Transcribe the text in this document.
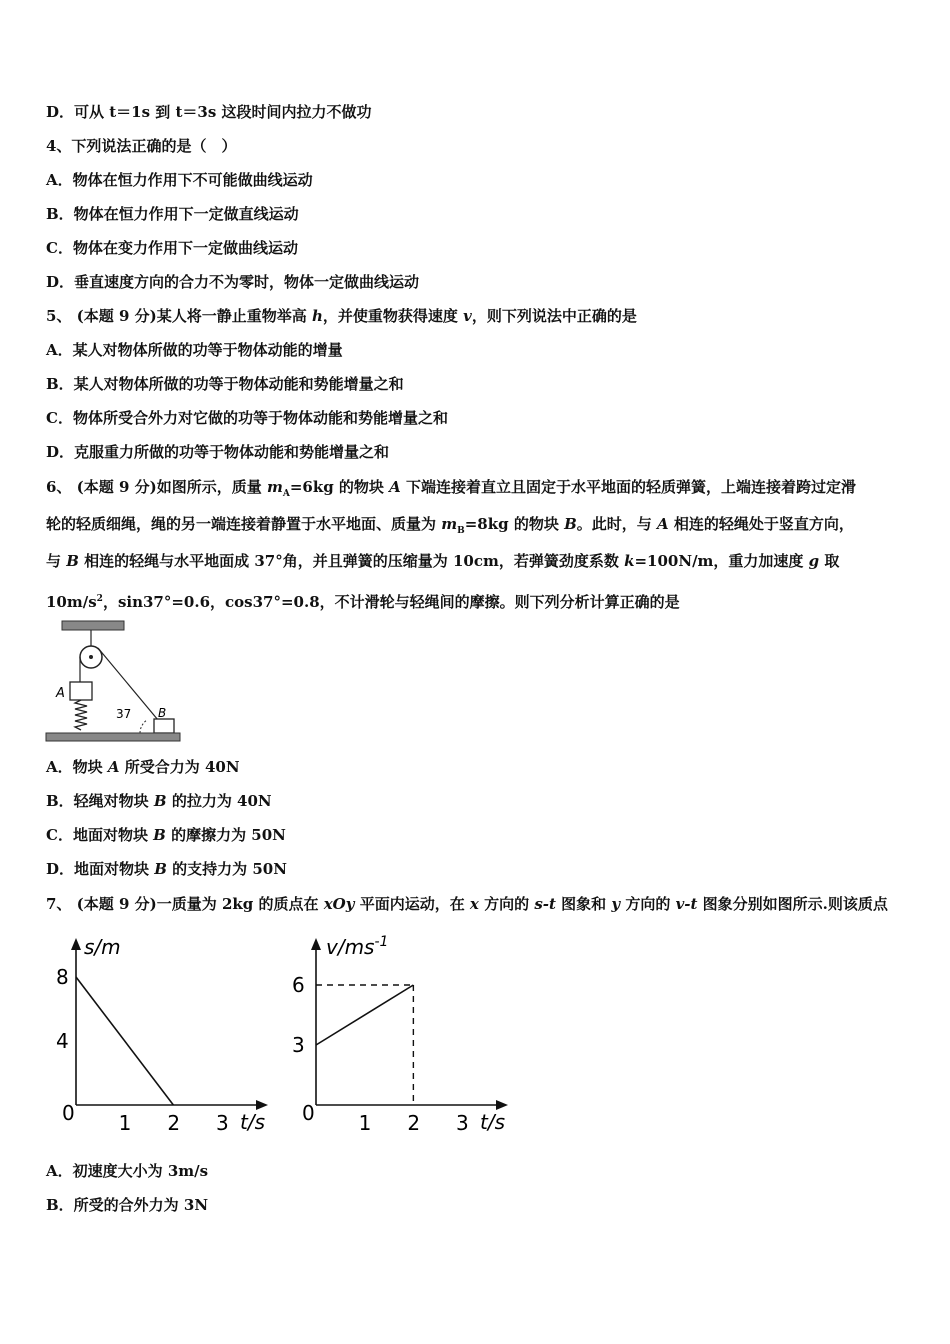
D．可从 t＝1s 到 t＝3s 这段时间内拉力不做功
4、下列说法正确的是（　）
A．物体在恒力作用下不可能做曲线运动
B．物体在恒力作用下一定做直线运动
C．物体在变力作用下一定做曲线运动
D．垂直速度方向的合力不为零时，物体一定做曲线运动
5、 (本题 9 分)某人将一静止重物举高 h，并使重物获得速度 v，则下列说法中正确的是
A．某人对物体所做的功等于物体动能的增量
B．某人对物体所做的功等于物体动能和势能增量之和
C．物体所受合外力对它做的功等于物体动能和势能增量之和
D．克服重力所做的功等于物体动能和势能增量之和
6、 (本题 9 分)如图所示，质量 $m_A=6kg$ 的物块 A 下端连接着直立且固定于水平地面的轻质弹簧，上端连接着跨过定滑
轮的轻质细绳，绳的另一端连接着静置于水平地面、质量为 $m_B=8kg$ 的物块 B。此时，与 A 相连的轻绳处于竖直方向，
与 B 相连的轻绳与水平地面成 37°角，并且弹簧的压缩量为 10cm，若弹簧劲度系数 k=100N/m，重力加速度 g 取
$10m/s^2$，sin37°=0.6，cos37°=0.8，不计滑轮与轻绳间的摩擦。则下列分析计算正确的是
A
B
37
A．物块 A 所受合力为 40N
B．轻绳对物块 B 的拉力为 40N
C．地面对物块 B 的摩擦力为 50N
D．地面对物块 B 的支持力为 50N
7、 (本题 9 分)一质量为 2kg 的质点在 xOy 平面内运动，在 x 方向的 s-t 图象和 y 方向的 v-t 图象分别如图所示.则该质点
s/m
t/s
0 1 2 3
4
8
$v/ms^{-1}$
t/s
0 1 2 3
3
6
A．初速度大小为 3m/s
B．所受的合外力为 3N
